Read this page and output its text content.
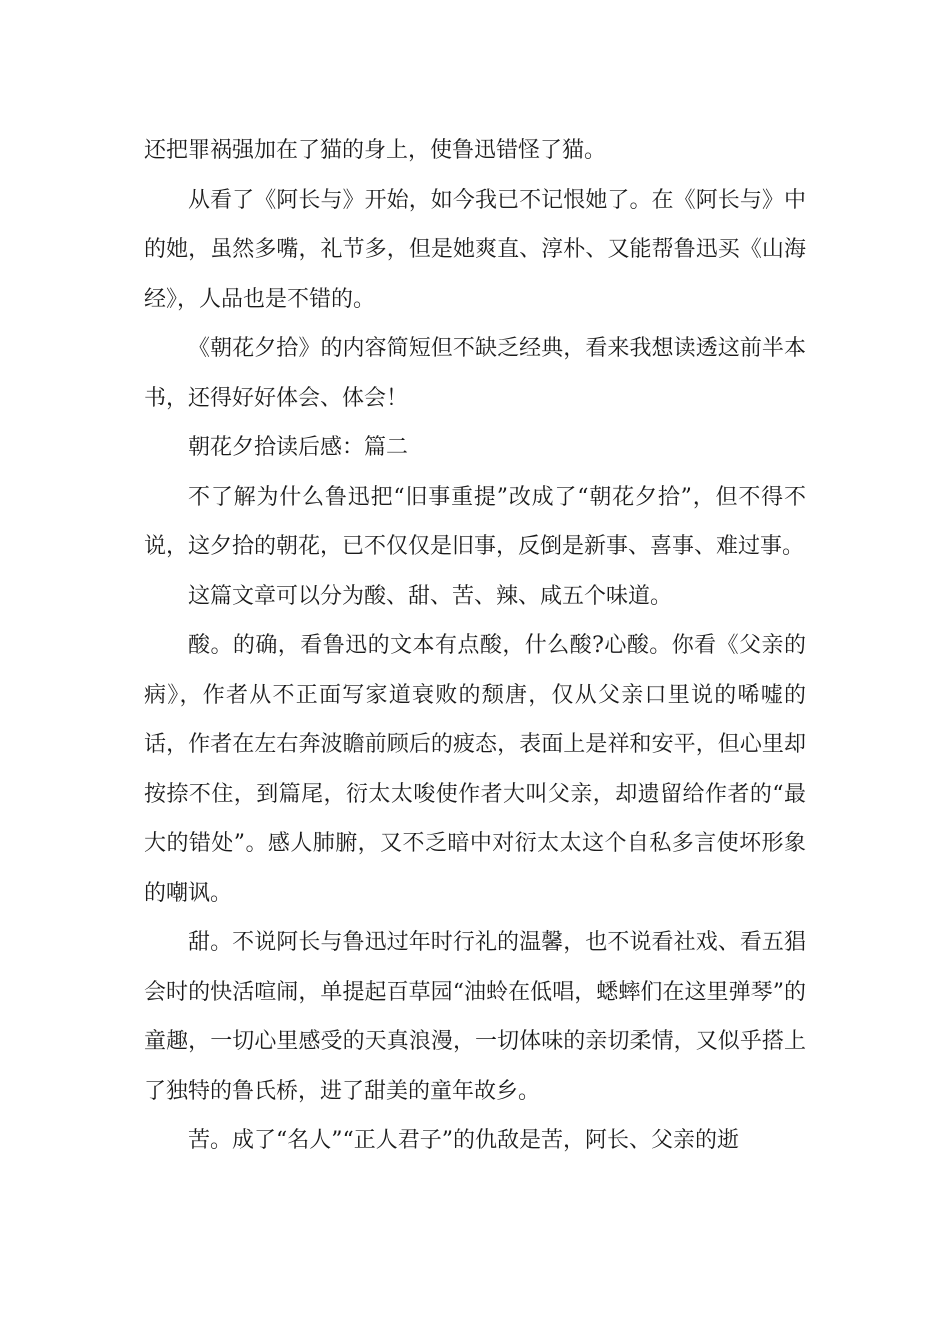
还把罪祸强加在了猫的身上，使鲁迅错怪了猫。

从看了《阿长与》开始，如今我已不记恨她了。在《阿长与》中的她，虽然多嘴，礼节多，但是她爽直、淳朴、又能帮鲁迅买《山海经》，人品也是不错的。

《朝花夕拾》的内容简短但不缺乏经典，看来我想读透这前半本书，还得好好体会、体会！

朝花夕拾读后感：篇二

不了解为什么鲁迅把“旧事重提”改成了“朝花夕拾”，但不得不说，这夕拾的朝花，已不仅仅是旧事，反倒是新事、喜事、难过事。

这篇文章可以分为酸、甜、苦、辣、咸五个味道。

酸。的确，看鲁迅的文本有点酸，什么酸?心酸。你看《父亲的病》，作者从不正面写家道衰败的颓唐，仅从父亲口里说的唏嘘的话，作者在左右奔波瞻前顾后的疲态，表面上是祥和安平，但心里却按捺不住，到篇尾，衍太太唆使作者大叫父亲，却遗留给作者的“最大的错处”。感人肺腑，又不乏暗中对衍太太这个自私多言使坏形象的嘲讽。

甜。不说阿长与鲁迅过年时行礼的温馨，也不说看社戏、看五猖会时的快活喧闹，单提起百草园“油蛉在低唱，蟋蟀们在这里弹琴”的童趣，一切心里感受的天真浪漫，一切体味的亲切柔情，又似乎搭上了独特的鲁氏桥，进了甜美的童年故乡。

苦。成了“名人”“正人君子”的仇敌是苦，阿长、父亲的逝
